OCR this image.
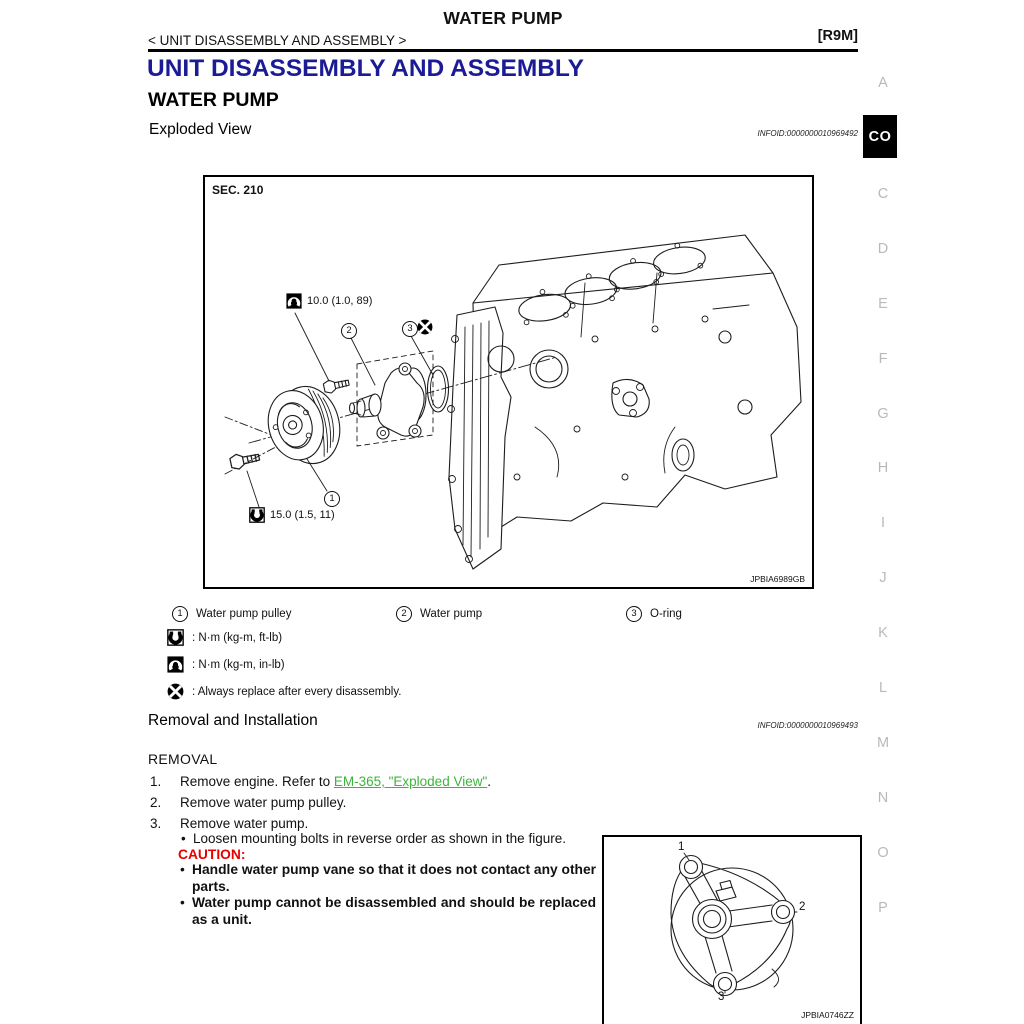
WATER PUMP
< UNIT DISASSEMBLY AND ASSEMBLY >	[R9M]
UNIT DISASSEMBLY AND ASSEMBLY
WATER PUMP
Exploded View	INFOID:0000000010969492
SEC. 210
10.0 (1.0, 89)
2	3
1
15.0 (1.5, 11)
JPBIA6989GB
1	Water pump pulley	2	Water pump	3	O-ring
: N·m (kg-m, ft-lb)
: N·m (kg-m, in-lb)
: Always replace after every disassembly.
Removal and Installation	INFOID:0000000010969493
REMOVAL
1. Remove engine. Refer to EM-365, "Exploded View".
2. Remove water pump pulley.
3. Remove water pump.
• Loosen mounting bolts in reverse order as shown in the figure.
CAUTION:
• Handle water pump vane so that it does not contact any other parts.
• Water pump cannot be disassembled and should be replaced as a unit.
1
2
3
JPBIA0746ZZ
A
CO
C
D
E
F
G
H
I
J
K
L
M
N
O
P
